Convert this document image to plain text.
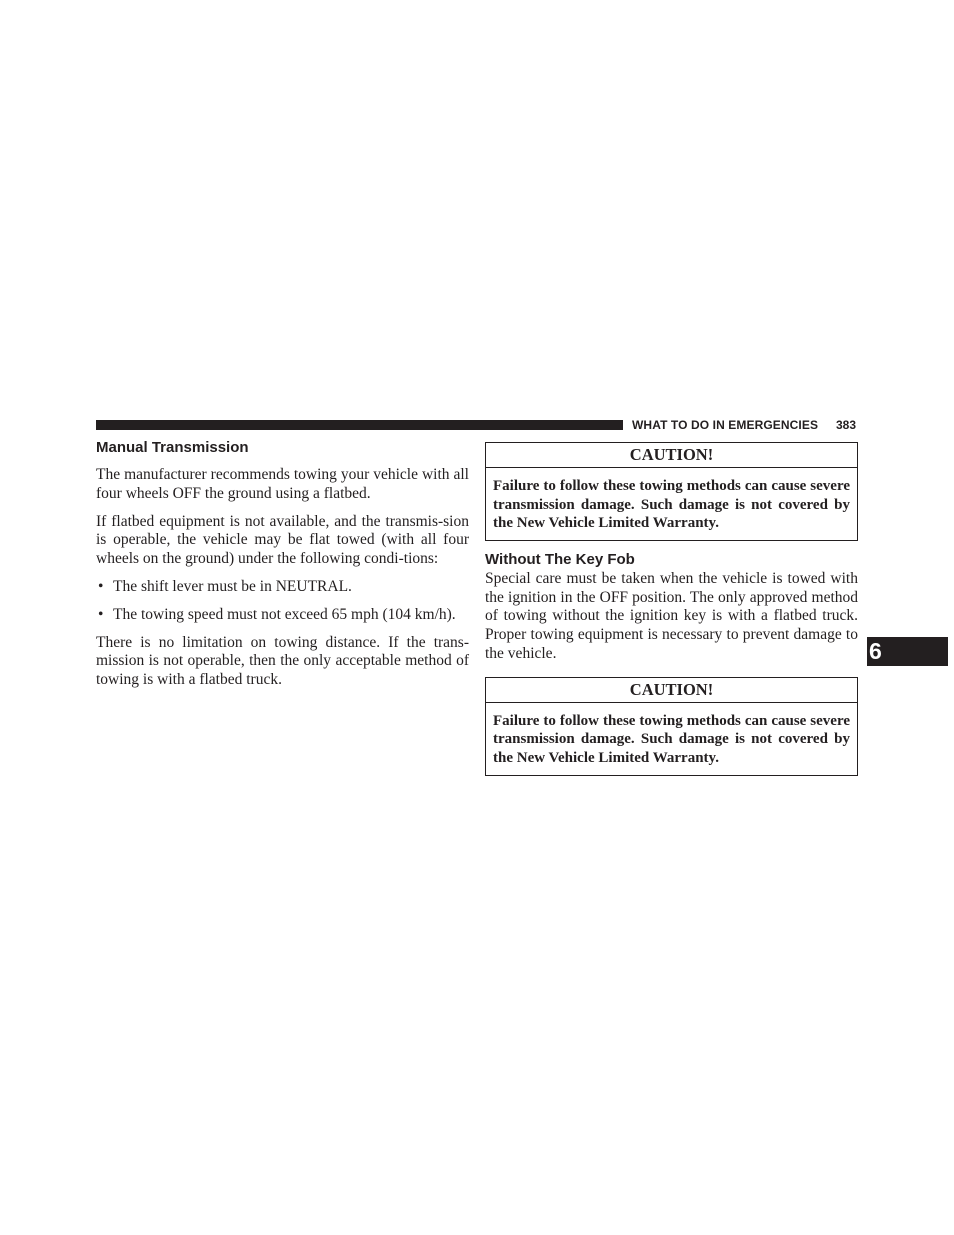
WHAT TO DO IN EMERGENCIES 383
Manual Transmission

The manufacturer recommends towing your vehicle with all four wheels OFF the ground using a flatbed.

If flatbed equipment is not available, and the transmis-sion is operable, the vehicle may be flat towed (with all four wheels on the ground) under the following condi-tions:

• The shift lever must be in NEUTRAL.
• The towing speed must not exceed 65 mph (104 km/h).

There is no limitation on towing distance. If the trans-mission is not operable, then the only acceptable method of towing is with a flatbed truck.

CAUTION!
Failure to follow these towing methods can cause severe transmission damage. Such damage is not covered by the New Vehicle Limited Warranty.
Without The Key Fob

Special care must be taken when the vehicle is towed with the ignition in the OFF position. The only approved method of towing without the ignition key is with a flatbed truck. Proper towing equipment is necessary to prevent damage to the vehicle.

CAUTION!
Failure to follow these towing methods can cause severe transmission damage. Such damage is not covered by the New Vehicle Limited Warranty.
6
